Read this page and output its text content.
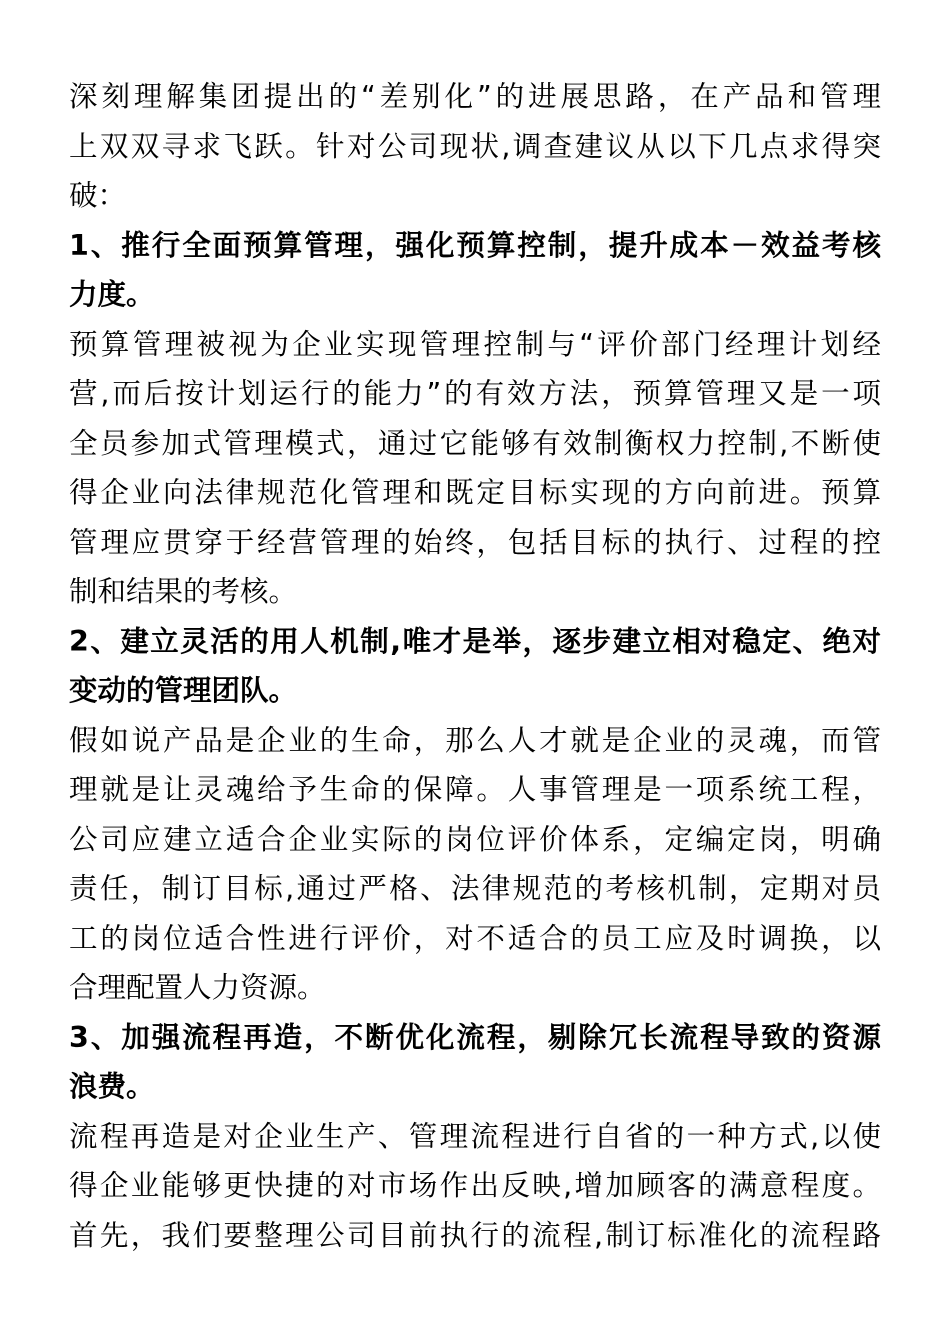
深刻理解集团提出的“差别化”的进展思路，在产品和管理
上双双寻求飞跃。针对公司现状,调查建议从以下几点求得突
破：
1、推行全面预算管理，强化预算控制，提升成本－效益考核
力度。
预算管理被视为企业实现管理控制与“评价部门经理计划经
营,而后按计划运行的能力”的有效方法，预算管理又是一项
全员参加式管理模式，通过它能够有效制衡权力控制,不断使
得企业向法律规范化管理和既定目标实现的方向前进。预算
管理应贯穿于经营管理的始终，包括目标的执行、过程的控
制和结果的考核。
2、建立灵活的用人机制,唯才是举，逐步建立相对稳定、绝对
变动的管理团队。
假如说产品是企业的生命，那么人才就是企业的灵魂，而管
理就是让灵魂给予生命的保障。人事管理是一项系统工程，
公司应建立适合企业实际的岗位评价体系，定编定岗，明确
责任，制订目标,通过严格、法律规范的考核机制，定期对员
工的岗位适合性进行评价，对不适合的员工应及时调换，以
合理配置人力资源。
3、加强流程再造，不断优化流程，剔除冗长流程导致的资源
浪费。
流程再造是对企业生产、管理流程进行自省的一种方式,以使
得企业能够更快捷的对市场作出反映,增加顾客的满意程度。
首先，我们要整理公司目前执行的流程,制订标准化的流程路
